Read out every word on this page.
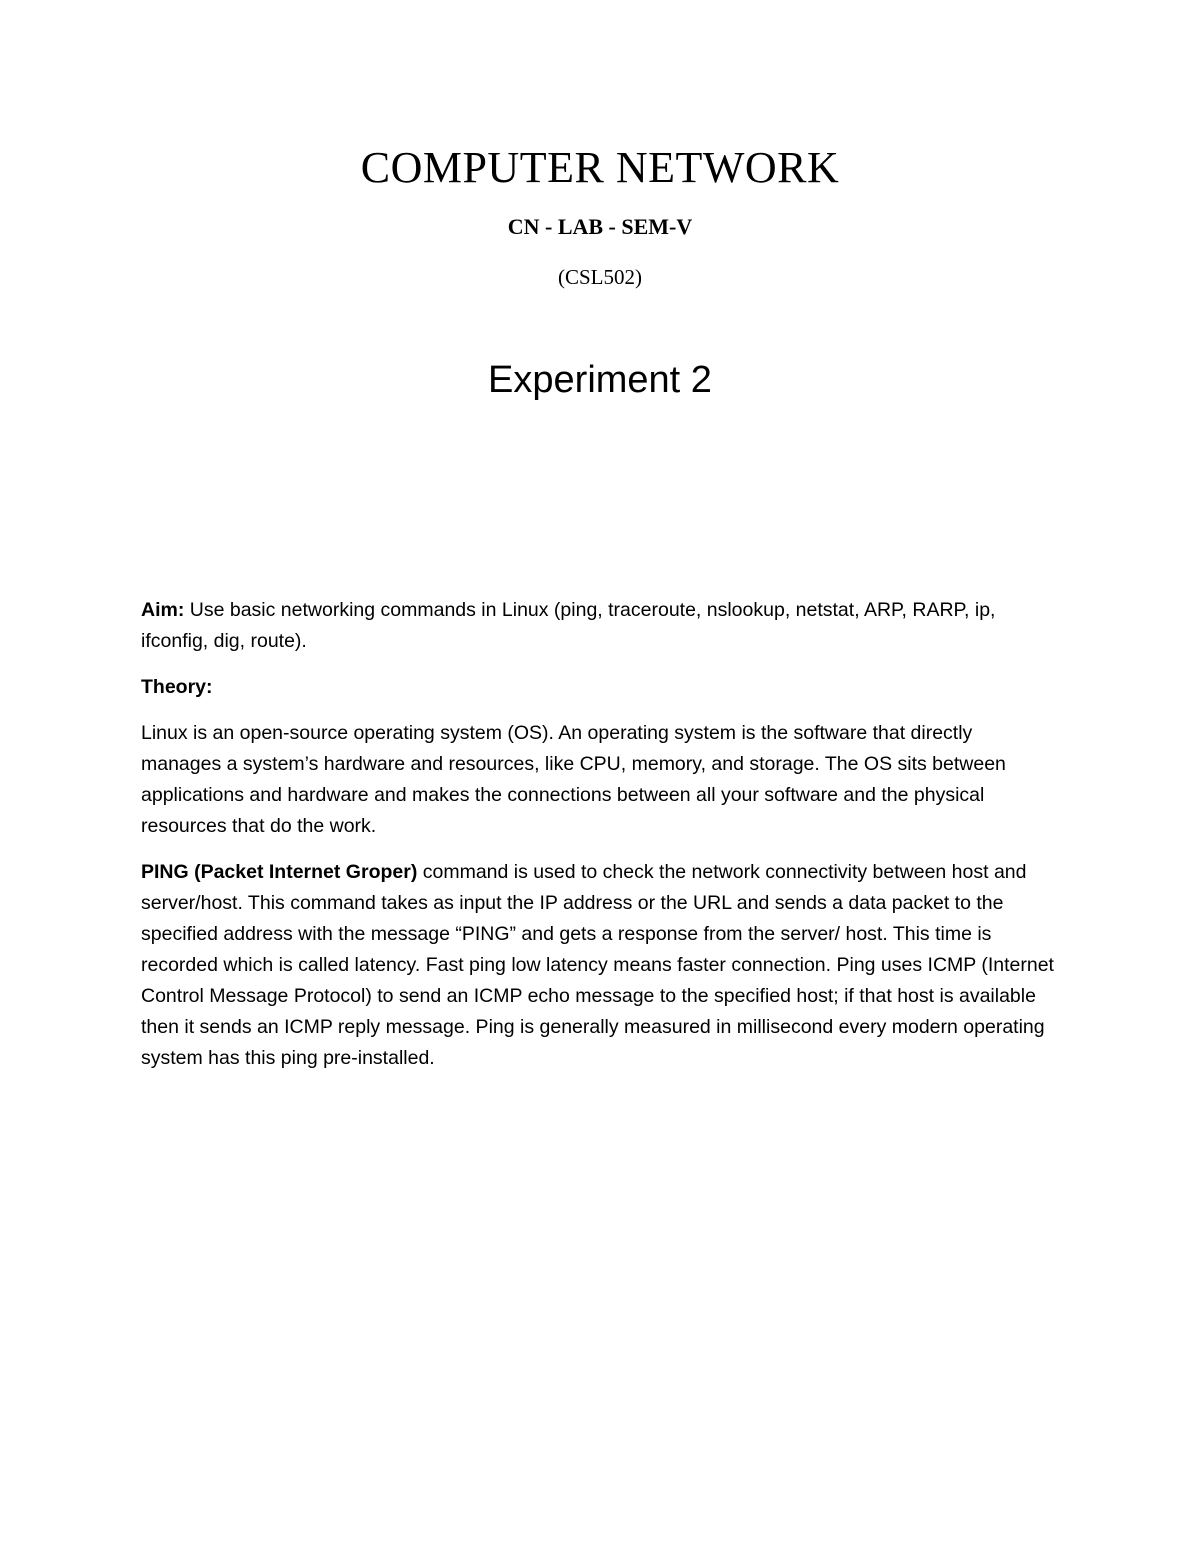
COMPUTER NETWORK
CN - LAB - SEM-V
(CSL502)
Experiment 2

Aim: Use basic networking commands in Linux (ping, traceroute, nslookup, netstat, ARP, RARP, ip, ifconfig, dig, route).

Theory:

Linux is an open-source operating system (OS). An operating system is the software that directly manages a system’s hardware and resources, like CPU, memory, and storage. The OS sits between applications and hardware and makes the connections between all your software and the physical resources that do the work.

PING (Packet Internet Groper) command is used to check the network connectivity between host and server/host. This command takes as input the IP address or the URL and sends a data packet to the specified address with the message “PING” and gets a response from the server/ host. This time is recorded which is called latency. Fast ping low latency means faster connection. Ping uses ICMP (Internet Control Message Protocol) to send an ICMP echo message to the specified host; if that host is available then it sends an ICMP reply message. Ping is generally measured in millisecond every modern operating system has this ping pre-installed.
